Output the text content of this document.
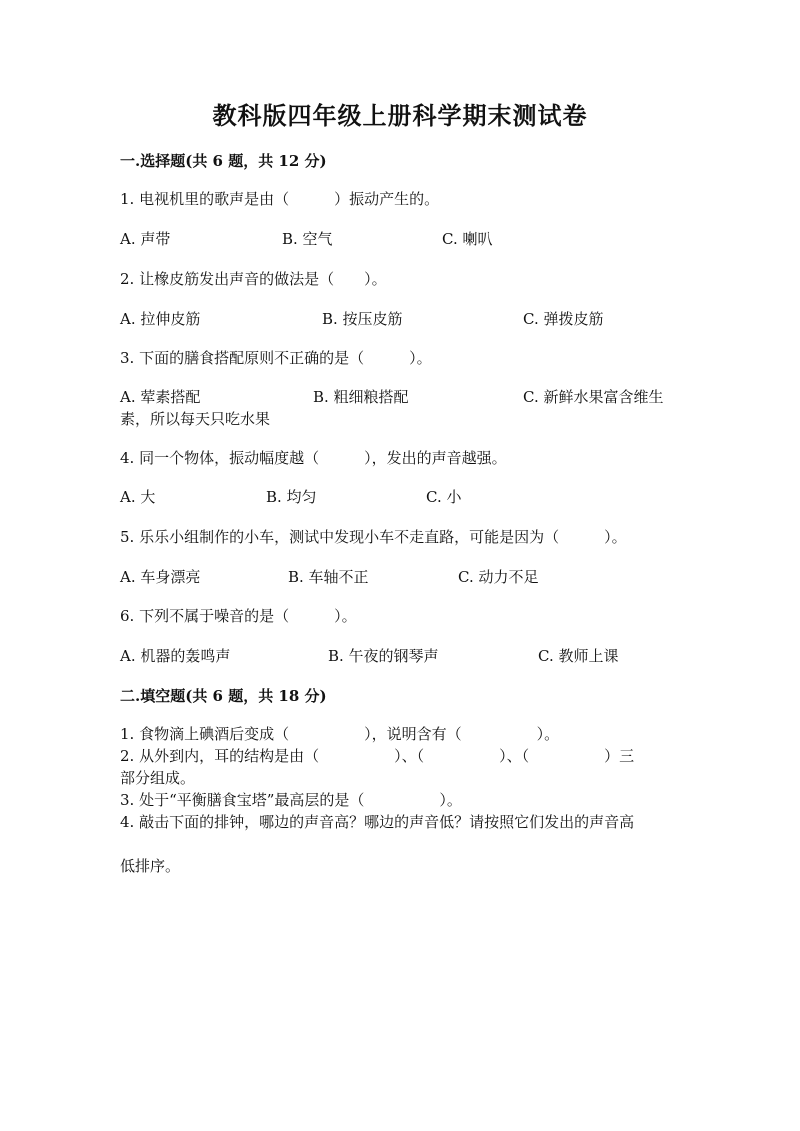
教科版四年级上册科学期末测试卷
一.选择题(共 6 题，共 12 分)
1. 电视机里的歌声是由（　　　）振动产生的。
A. 声带	B. 空气	C. 喇叭
2. 让橡皮筋发出声音的做法是（　　）。
A. 拉伸皮筋	B. 按压皮筋	C. 弹拨皮筋
3. 下面的膳食搭配原则不正确的是（　　　）。
A. 荤素搭配	B. 粗细粮搭配	C. 新鲜水果富含维生
素，所以每天只吃水果
4. 同一个物体，振动幅度越（　　　），发出的声音越强。
A. 大	B. 均匀	C. 小
5. 乐乐小组制作的小车，测试中发现小车不走直路，可能是因为（　　　）。
A. 车身漂亮	B. 车轴不正	C. 动力不足
6. 下列不属于噪音的是（　　　）。
A. 机器的轰鸣声	B. 午夜的钢琴声	C. 教师上课
二.填空题(共 6 题，共 18 分)
1. 食物滴上碘酒后变成（　　　　　），说明含有（　　　　　）。
2. 从外到内，耳的结构是由（　　　　　）、（　　　　　）、（　　　　　）三
部分组成。
3. 处于“平衡膳食宝塔”最高层的是（　　　　　）。
4. 敲击下面的排钟，哪边的声音高？哪边的声音低？请按照它们发出的声音高
低排序。
